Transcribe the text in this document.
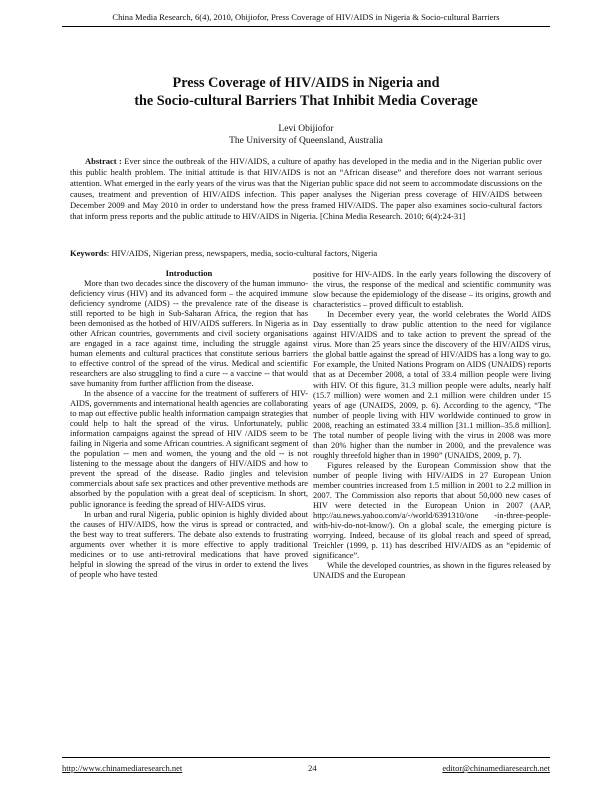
China Media Research, 6(4), 2010, Obijiofor, Press Coverage of HIV/AIDS in Nigeria & Socio-cultural Barriers
Press Coverage of HIV/AIDS in Nigeria and
the Socio-cultural Barriers That Inhibit Media Coverage
Levi Obijiofor
The University of Queensland, Australia
Abstract : Ever since the outbreak of the HIV/AIDS, a culture of apathy has developed in the media and in the Nigerian public over this public health problem. The initial attitude is that HIV/AIDS is not an “African disease” and therefore does not warrant serious attention. What emerged in the early years of the virus was that the Nigerian public space did not seem to accommodate discussions on the causes, treatment and prevention of HIV/AIDS infection. This paper analyses the Nigerian press coverage of HIV/AIDS between December 2009 and May 2010 in order to understand how the press framed HIV/AIDS. The paper also examines socio-cultural factors that inform press reports and the public attitude to HIV/AIDS in Nigeria. [China Media Research. 2010; 6(4):24-31]
Keywords: HIV/AIDS, Nigerian press, newspapers, media, socio-cultural factors, Nigeria
Introduction

More than two decades since the discovery of the human immuno-deficiency virus (HIV) and its advanced form – the acquired immune deficiency syndrome (AIDS) -- the prevalence rate of the disease is still reported to be high in Sub-Saharan Africa, the region that has been demonised as the hotbed of HIV/AIDS sufferers. In Nigeria as in other African countries, governments and civil society organisations are engaged in a race against time, including the struggle against human elements and cultural practices that constitute serious barriers to effective control of the spread of the virus. Medical and scientific researchers are also struggling to find a cure -- a vaccine -- that would save humanity from further affliction from the disease.

In the absence of a vaccine for the treatment of sufferers of HIV-AIDS, governments and international health agencies are collaborating to map out effective public health information campaign strategies that could help to halt the spread of the virus. Unfortunately, public information campaigns against the spread of HIV /AIDS seem to be failing in Nigeria and some African countries. A significant segment of the population -- men and women, the young and the old -- is not listening to the message about the dangers of HIV/AIDS and how to prevent the spread of the disease. Radio jingles and television commercials about safe sex practices and other preventive methods are absorbed by the population with a great deal of scepticism. In short, public ignorance is feeding the spread of HIV-AIDS virus.

In urban and rural Nigeria, public opinion is highly divided about the causes of HIV/AIDS, how the virus is spread or contracted, and the best way to treat sufferers. The debate also extends to frustrating arguments over whether it is more effective to apply traditional medicines or to use anti-retroviral medications that have proved helpful in slowing the spread of the virus in order to extend the lives of people who have tested

positive for HIV-AIDS. In the early years following the discovery of the virus, the response of the medical and scientific community was slow because the epidemiology of the disease – its origins, growth and characteristics – proved difficult to establish.

In December every year, the world celebrates the World AIDS Day essentially to draw public attention to the need for vigilance against HIV/AIDS and to take action to prevent the spread of the virus. More than 25 years since the discovery of the HIV/AIDS virus, the global battle against the spread of HIV/AIDS has a long way to go. For example, the United Nations Program on AIDS (UNAIDS) reports that as at December 2008, a total of 33.4 million people were living with HIV. Of this figure, 31.3 million people were adults, nearly half (15.7 million) were women and 2.1 million were children under 15 years of age (UNAIDS, 2009, p. 6). According to the agency, “The number of people living with HIV worldwide continued to grow in 2008, reaching an estimated 33.4 million [31.1 million–35.8 million]. The total number of people living with the virus in 2008 was more than 20% higher than the number in 2000, and the prevalence was roughly threefold higher than in 1990” (UNAIDS, 2009, p. 7).

Figures released by the European Commission show that the number of people living with HIV/AIDS in 27 European Union member countries increased from 1.5 million in 2001 to 2.2 million in 2007. The Commission also reports that about 50,000 new cases of HIV were detected in the European Union in 2007 (AAP, http://au.news.yahoo.com/a/-/world/6391310/one -in-three-people-with-hiv-do-not-know/). On a global scale, the emerging picture is worrying. Indeed, because of its global reach and speed of spread, Treichler (1999, p. 11) has described HIV/AIDS as an “epidemic of significance”.

While the developed countries, as shown in the figures released by UNAIDS and the European

http://www.chinamediaresearch.net	24	editor@chinamediaresearch.net
